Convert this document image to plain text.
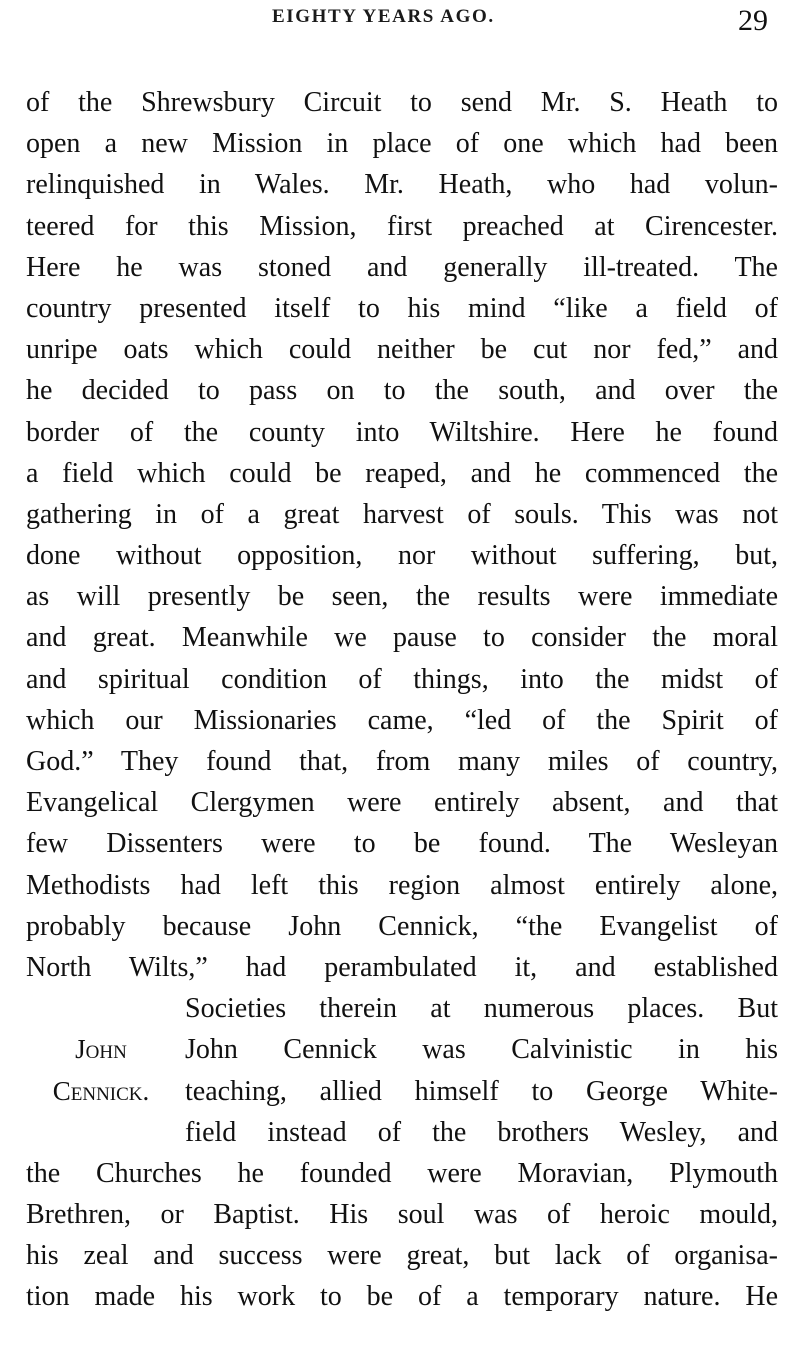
EIGHTY YEARS AGO.	29
of the Shrewsbury Circuit to send Mr. S. Heath to
open a new Mission in place of one which had been
relinquished in Wales. Mr. Heath, who had volun-
teered for this Mission, first preached at Cirencester.
Here he was stoned and generally ill-treated. The
country presented itself to his mind “like a field of
unripe oats which could neither be cut nor fed,” and
he decided to pass on to the south, and over the
border of the county into Wiltshire. Here he found
a field which could be reaped, and he commenced the
gathering in of a great harvest of souls. This was not
done without opposition, nor without suffering, but,
as will presently be seen, the results were immediate
and great. Meanwhile we pause to consider the moral
and spiritual condition of things, into the midst of
which our Missionaries came, “led of the Spirit of
God.” They found that, from many miles of country,
Evangelical Clergymen were entirely absent, and that
few Dissenters were to be found. The Wesleyan
Methodists had left this region almost entirely alone,
probably because John Cennick, “the Evangelist of
North Wilts,” had perambulated it, and established
Societies therein at numerous places. But
John	John Cennick was Calvinistic in his
Cennick.	teaching, allied himself to George White-
field instead of the brothers Wesley, and
the Churches he founded were Moravian, Plymouth
Brethren, or Baptist. His soul was of heroic mould,
his zeal and success were great, but lack of organisa-
tion made his work to be of a temporary nature. He
